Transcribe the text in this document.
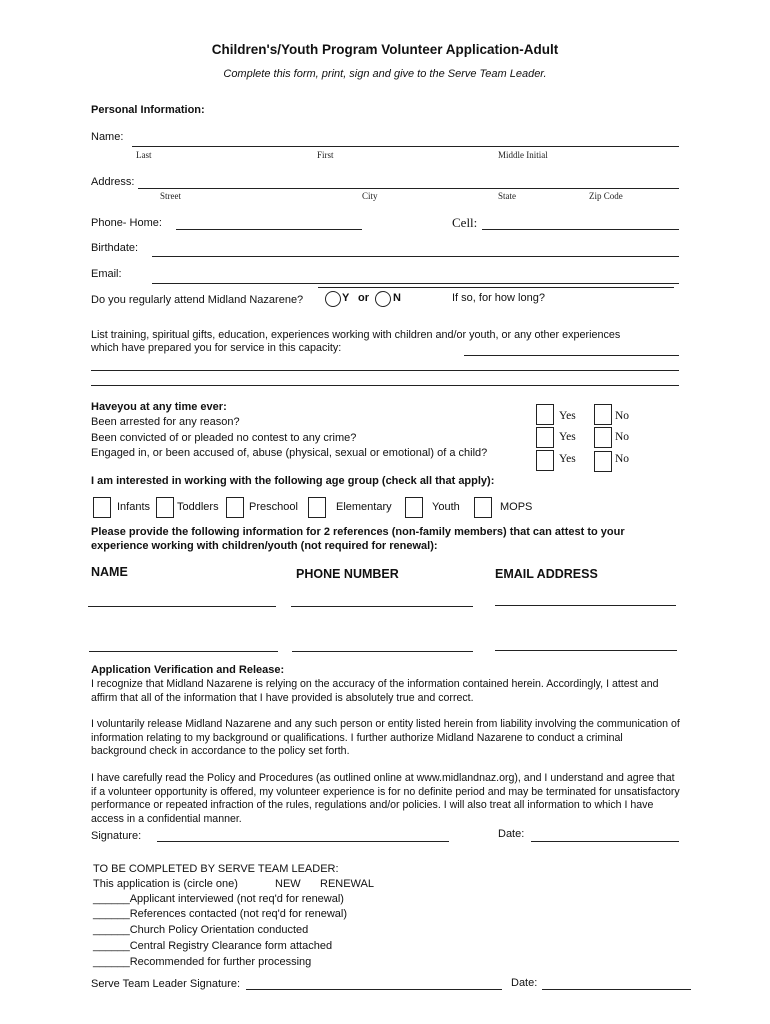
Children's/Youth Program Volunteer Application-Adult
Complete this form, print, sign and give to the Serve Team Leader.
Personal Information:
Name:
Last	First	Middle Initial
Address:
Street	City	State	Zip Code
Phone- Home:	Cell:
Birthdate:
Email:
Do you regularly attend Midland Nazarene?	Y or N	If so, for how long?
List training, spiritual gifts, education, experiences working with children and/or youth, or any other experiences
which have prepared you for service in this capacity:
Haveyou at any time ever:
Been arrested for any reason?
Been convicted of or pleaded no contest to any crime?
Engaged in, or been accused of, abuse (physical, sexual or emotional) of a child?
Yes	No
Yes	No
Yes	No
I am interested in working with the following age group (check all that apply):
Infants Toddlers	Preschool	Elementary	Youth	MOPS
Please provide the following information for 2 references (non-family members) that can attest to your
experience working with children/youth (not required for renewal):
NAME	PHONE NUMBER	EMAIL ADDRESS
Application Verification and Release:
I recognize that Midland Nazarene is relying on the accuracy of the information contained herein. Accordingly, I attest and affirm that all of the information that I have provided is absolutely true and correct.
I voluntarily release Midland Nazarene and any such person or entity listed herein from liability involving the communication of information relating to my background or qualifications. I further authorize Midland Nazarene to conduct a criminal background check in accordance to the policy set forth.
I have carefully read the Policy and Procedures (as outlined online at www.midlandnaz.org), and I understand and agree that if a volunteer opportunity is offered, my volunteer experience is for no definite period and may be terminated for unsatisfactory performance or repeated infraction of the rules, regulations and/or policies. I will also treat all information to which I have access in a confidential manner.
Signature:	Date:
TO BE COMPLETED BY SERVE TEAM LEADER:
This application is (circle one)	NEW RENEWAL
______Applicant interviewed (not req'd for renewal)
______References contacted (not req'd for renewal)
______Church Policy Orientation conducted
______Central Registry Clearance form attached
______Recommended for further processing
Serve Team Leader Signature:	Date:
